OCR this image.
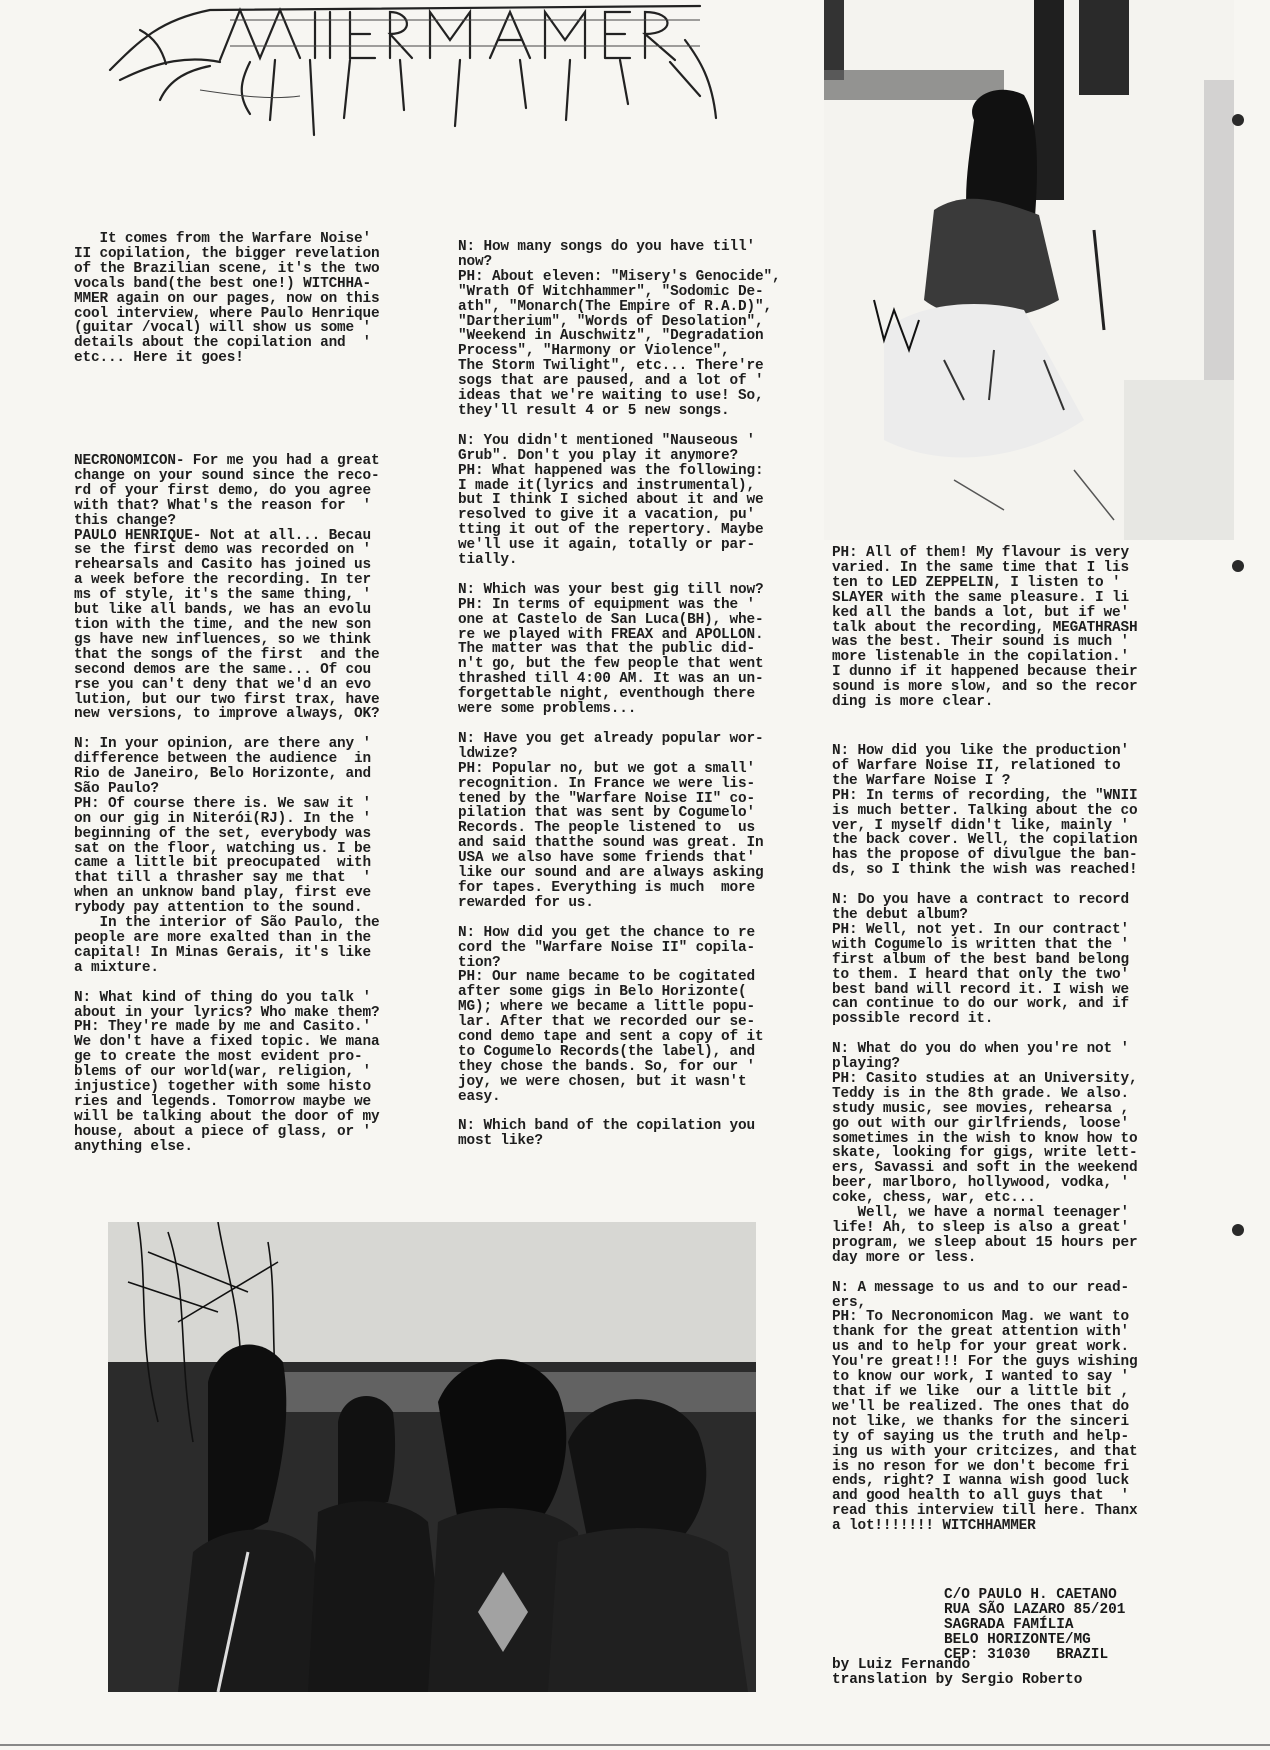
It comes from the Warfare Noise'
II copilation, the bigger revelation
of the Brazilian scene, it's the two
vocals band(the best one!) WITCHHA-
MMER again on our pages, now on this
cool interview, where Paulo Henrique
(guitar /vocal) will show us some '
details about the copilation and  '
etc... Here it goes!
NECRONOMICON- For me you had a great
change on your sound since the reco-
rd of your first demo, do you agree
with that? What's the reason for  '
this change?
PAULO HENRIQUE- Not at all... Becau
se the first demo was recorded on '
rehearsals and Casito has joined us
a week before the recording. In ter
ms of style, it's the same thing, '
but like all bands, we has an evolu
tion with the time, and the new son
gs have new influences, so we think
that the songs of the first  and the
second demos are the same... Of cou
rse you can't deny that we'd an evo
lution, but our two first trax, have
new versions, to improve always, OK?

N: In your opinion, are there any '
difference between the audience  in
Rio de Janeiro, Belo Horizonte, and
São Paulo?
PH: Of course there is. We saw it '
on our gig in Niterói(RJ). In the '
beginning of the set, everybody was
sat on the floor, watching us. I be
came a little bit preocupated  with
that till a thrasher say me that  '
when an unknow band play, first eve
rybody pay attention to the sound.
In the interior of São Paulo, the
people are more exalted than in the
capital! In Minas Gerais, it's like
a mixture.

N: What kind of thing do you talk '
about in your lyrics? Who make them?
PH: They're made by me and Casito.'
We don't have a fixed topic. We mana
ge to create the most evident pro-
blems of our world(war, religion, '
injustice) together with some histo
ries and legends. Tomorrow maybe we
will be talking about the door of my
house, about a piece of glass, or '
anything else.
N: How many songs do you have till'
now?
PH: About eleven: "Misery's Genocide",
"Wrath Of Witchhammer", "Sodomic De-
ath", "Monarch(The Empire of R.A.D)",
"Dartherium", "Words of Desolation",
"Weekend in Auschwitz", "Degradation
Process", "Harmony or Violence",
The Storm Twilight", etc... There're
sogs that are paused, and a lot of '
ideas that we're waiting to use! So,
they'll result 4 or 5 new songs.

N: You didn't mentioned "Nauseous '
Grub". Don't you play it anymore?
PH: What happened was the following:
I made it(lyrics and instrumental),
but I think I siched about it and we
resolved to give it a vacation, pu'
tting it out of the repertory. Maybe
we'll use it again, totally or par-
tially.

N: Which was your best gig till now?
PH: In terms of equipment was the '
one at Castelo de San Luca(BH), whe-
re we played with FREAX and APOLLON.
The matter was that the public did-
n't go, but the few people that went
thrashed till 4:00 AM. It was an un-
forgettable night, eventhough there
were some problems...

N: Have you get already popular wor-
ldwize?
PH: Popular no, but we got a small'
recognition. In France we were lis-
tened by the "Warfare Noise II" co-
pilation that was sent by Cogumelo'
Records. The people listened to  us
and said thatthe sound was great. In
USA we also have some friends that'
like our sound and are always asking
for tapes. Everything is much  more
rewarded for us.

N: How did you get the chance to re
cord the "Warfare Noise II" copila-
tion?
PH: Our name became to be cogitated
after some gigs in Belo Horizonte(
MG); where we became a little popu-
lar. After that we recorded our se-
cond demo tape and sent a copy of it
to Cogumelo Records(the label), and
they chose the bands. So, for our '
joy, we were chosen, but it wasn't
easy.

N: Which band of the copilation you
most like?
PH: All of them! My flavour is very
varied. In the same time that I lis
ten to LED ZEPPELIN, I listen to '
SLAYER with the same pleasure. I li
ked all the bands a lot, but if we'
talk about the recording, MEGATHRASH
was the best. Their sound is much '
more listenable in the copilation.'
I dunno if it happened because their
sound is more slow, and so the recor
ding is more clear.
N: How did you like the production'
of Warfare Noise II, relationed to
the Warfare Noise I ?
PH: In terms of recording, the "WNII
is much better. Talking about the co
ver, I myself didn't like, mainly '
the back cover. Well, the copilation
has the propose of divulgue the ban-
ds, so I think the wish was reached!

N: Do you have a contract to record
the debut album?
PH: Well, not yet. In our contract'
with Cogumelo is written that the '
first album of the best band belong
to them. I heard that only the two'
best band will record it. I wish we
can continue to do our work, and if
possible record it.

N: What do you do when you're not '
playing?
PH: Casito studies at an University,
Teddy is in the 8th grade. We also.
study music, see movies, rehearsa ,
go out with our girlfriends, loose'
sometimes in the wish to know how to
skate, looking for gigs, write lett-
ers, Savassi and soft in the weekend
beer, marlboro, hollywood, vodka, '
coke, chess, war, etc...
Well, we have a normal teenager'
life! Ah, to sleep is also a great'
program, we sleep about 15 hours per
day more or less.

N: A message to us and to our read-
ers,
PH: To Necronomicon Mag. we want to
thank for the great attention with'
us and to help for your great work.
You're great!!! For the guys wishing
to know our work, I wanted to say '
that if we like  our a little bit ,
we'll be realized. The ones that do
not like, we thanks for the sinceri
ty of saying us the truth and help-
ing us with your critcizes, and that
is no reson for we don't become fri
ends, right? I wanna wish good luck
and good health to all guys that  '
read this interview till here. Thanx
a lot!!!!!!! WITCHHAMMER
C/O PAULO H. CAETANO
RUA SÃO LAZARO 85/201
SAGRADA FAMÍLIA
BELO HORIZONTE/MG
CEP: 31030   BRAZIL
by Luiz Fernando
translation by Sergio Roberto
